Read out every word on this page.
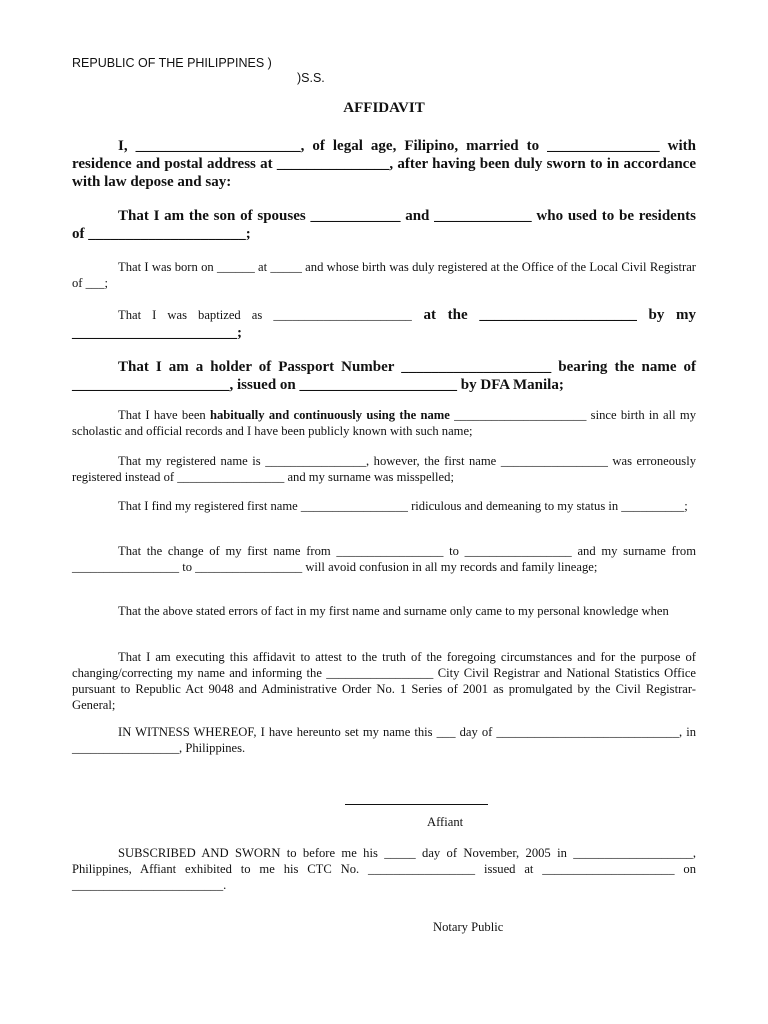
REPUBLIC OF THE PHILIPPINES )
)S.S.
AFFIDAVIT

I, ______________________, of legal age, Filipino, married to _______________ with residence and postal address at _______________, after having been duly sworn to in accordance with law depose and say:

That I am the son of spouses ____________ and _____________ who used to be residents of _____________________;

That I was born on ______ at _____ and whose birth was duly registered at the Office of the Local Civil Registrar of ___;

That I was baptized as ______________________ at the _____________________ by my ______________________;

That I am a holder of Passport Number ____________________ bearing the name of _____________________, issued on _____________________ by DFA Manila;

That I have been habitually and continuously using the name _____________________ since birth in all my scholastic and official records and I have been publicly known with such name;

That my registered name is ________________, however, the first name _________________ was erroneously registered instead of _________________ and my surname was misspelled;

That I find my registered first name _________________ ridiculous and demeaning to my status in __________;

That the change of my first name from _________________ to _________________ and my surname from _________________ to _________________ will avoid confusion in all my records and family lineage;

That the above stated errors of fact in my first name and surname only came to my personal knowledge when

That I am executing this affidavit to attest to the truth of the foregoing circumstances and for the purpose of changing/correcting my name and informing the _________________ City Civil Registrar and National Statistics Office pursuant to Republic Act 9048 and Administrative Order No. 1 Series of 2001 as promulgated by the Civil Registrar-General;

IN WITNESS WHEREOF, I have hereunto set my name this ___ day of _____________________________, in _________________, Philippines.

Affiant

SUBSCRIBED AND SWORN to before me his _____ day of November, 2005 in ___________________, Philippines, Affiant exhibited to me his CTC No. _________________ issued at _____________________ on ________________________.

Notary Public
